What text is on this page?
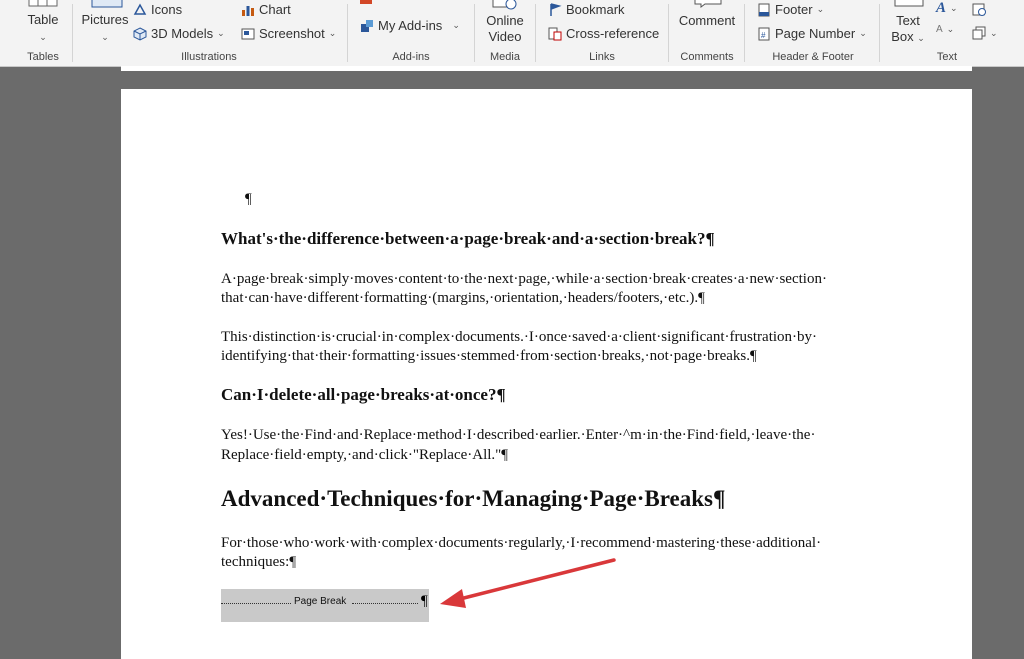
Table
⌄
Tables
Pictures
⌄
Icons
3D Models ⌄
Chart
Screenshot ⌄
Illustrations
My Add-ins ⌄
Add-ins
Online
Video
Media
Bookmark
Cross-reference
Links
Comment
Comments
Footer ⌄
# Page Number ⌄
Header & Footer
Text
Box ⌄
A ⌄
A ⌄	⌄
Text
¶
What's·the·difference·between·a·page·break·and·a·section·break?¶
A·page·break·simply·moves·content·to·the·next·page,·while·a·section·break·creates·a·new·section·
that·can·have·different·formatting·(margins,·orientation,·headers/footers,·etc.).¶
This·distinction·is·crucial·in·complex·documents.·I·once·saved·a·client·significant·frustration·by·
identifying·that·their·formatting·issues·stemmed·from·section·breaks,·not·page·breaks.¶
Can·I·delete·all·page·breaks·at·once?¶
Yes!·Use·the·Find·and·Replace·method·I·described·earlier.·Enter·^m·in·the·Find·field,·leave·the·
Replace·field·empty,·and·click·"Replace·All."¶
Advanced·Techniques·for·Managing·Page·Breaks¶
For·those·who·work·with·complex·documents·regularly,·I·recommend·mastering·these·additional·
techniques:¶
Page Break	¶
